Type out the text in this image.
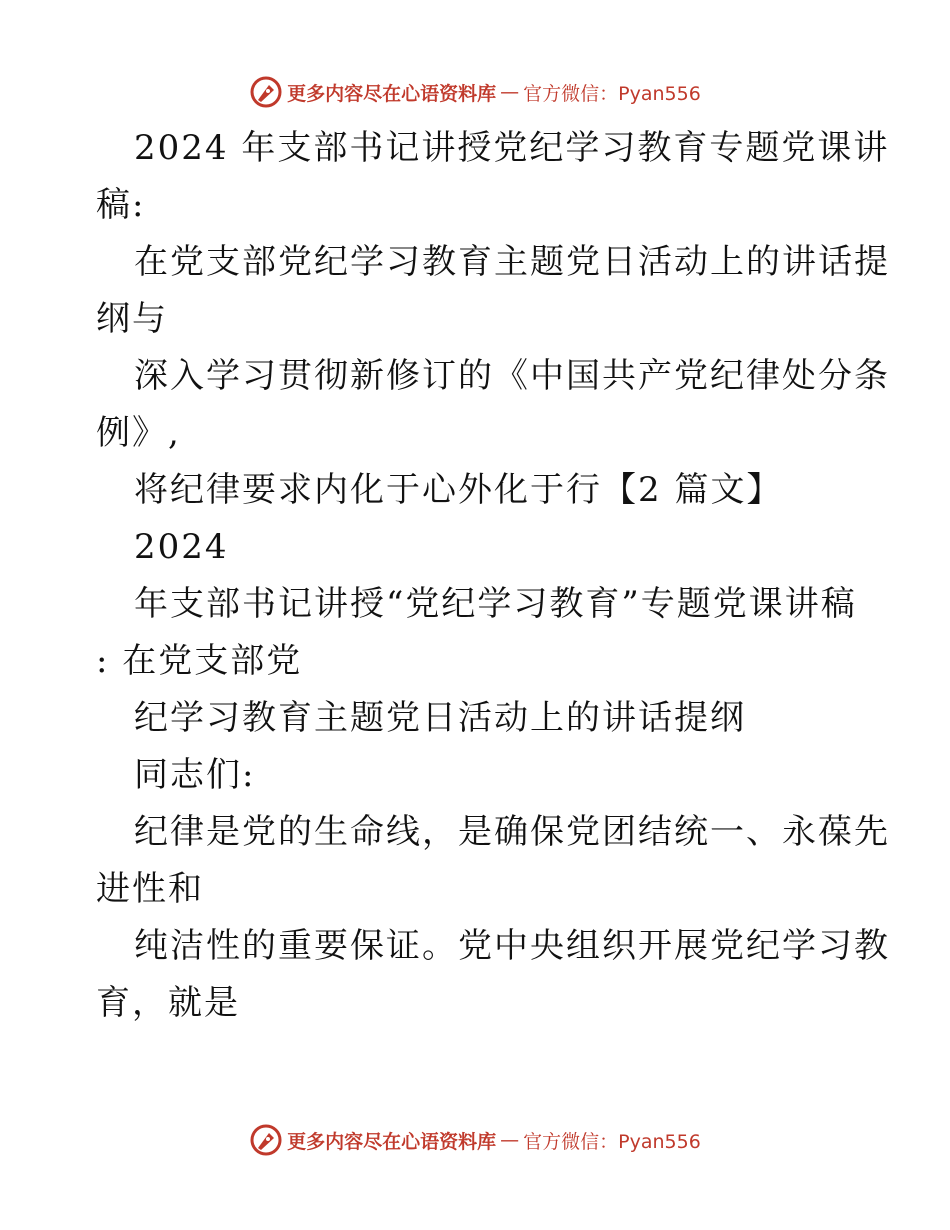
更多内容尽在心语资料库 — 官方微信：Pyan556
2024 年支部书记讲授党纪学习教育专题党课讲
稿:
在党支部党纪学习教育主题党日活动上的讲话提
纲与
深入学习贯彻新修订的《中国共产党纪律处分条
例》,
将纪律要求内化于心外化于行【2 篇文】
2024
年支部书记讲授“党纪学习教育”专题党课讲稿
: 在党支部党
纪学习教育主题党日活动上的讲话提纲
同志们:
纪律是党的生命线，是确保党团结统一、永葆先
进性和
纯洁性的重要保证。党中央组织开展党纪学习教
育，就是
更多内容尽在心语资料库 — 官方微信：Pyan556
